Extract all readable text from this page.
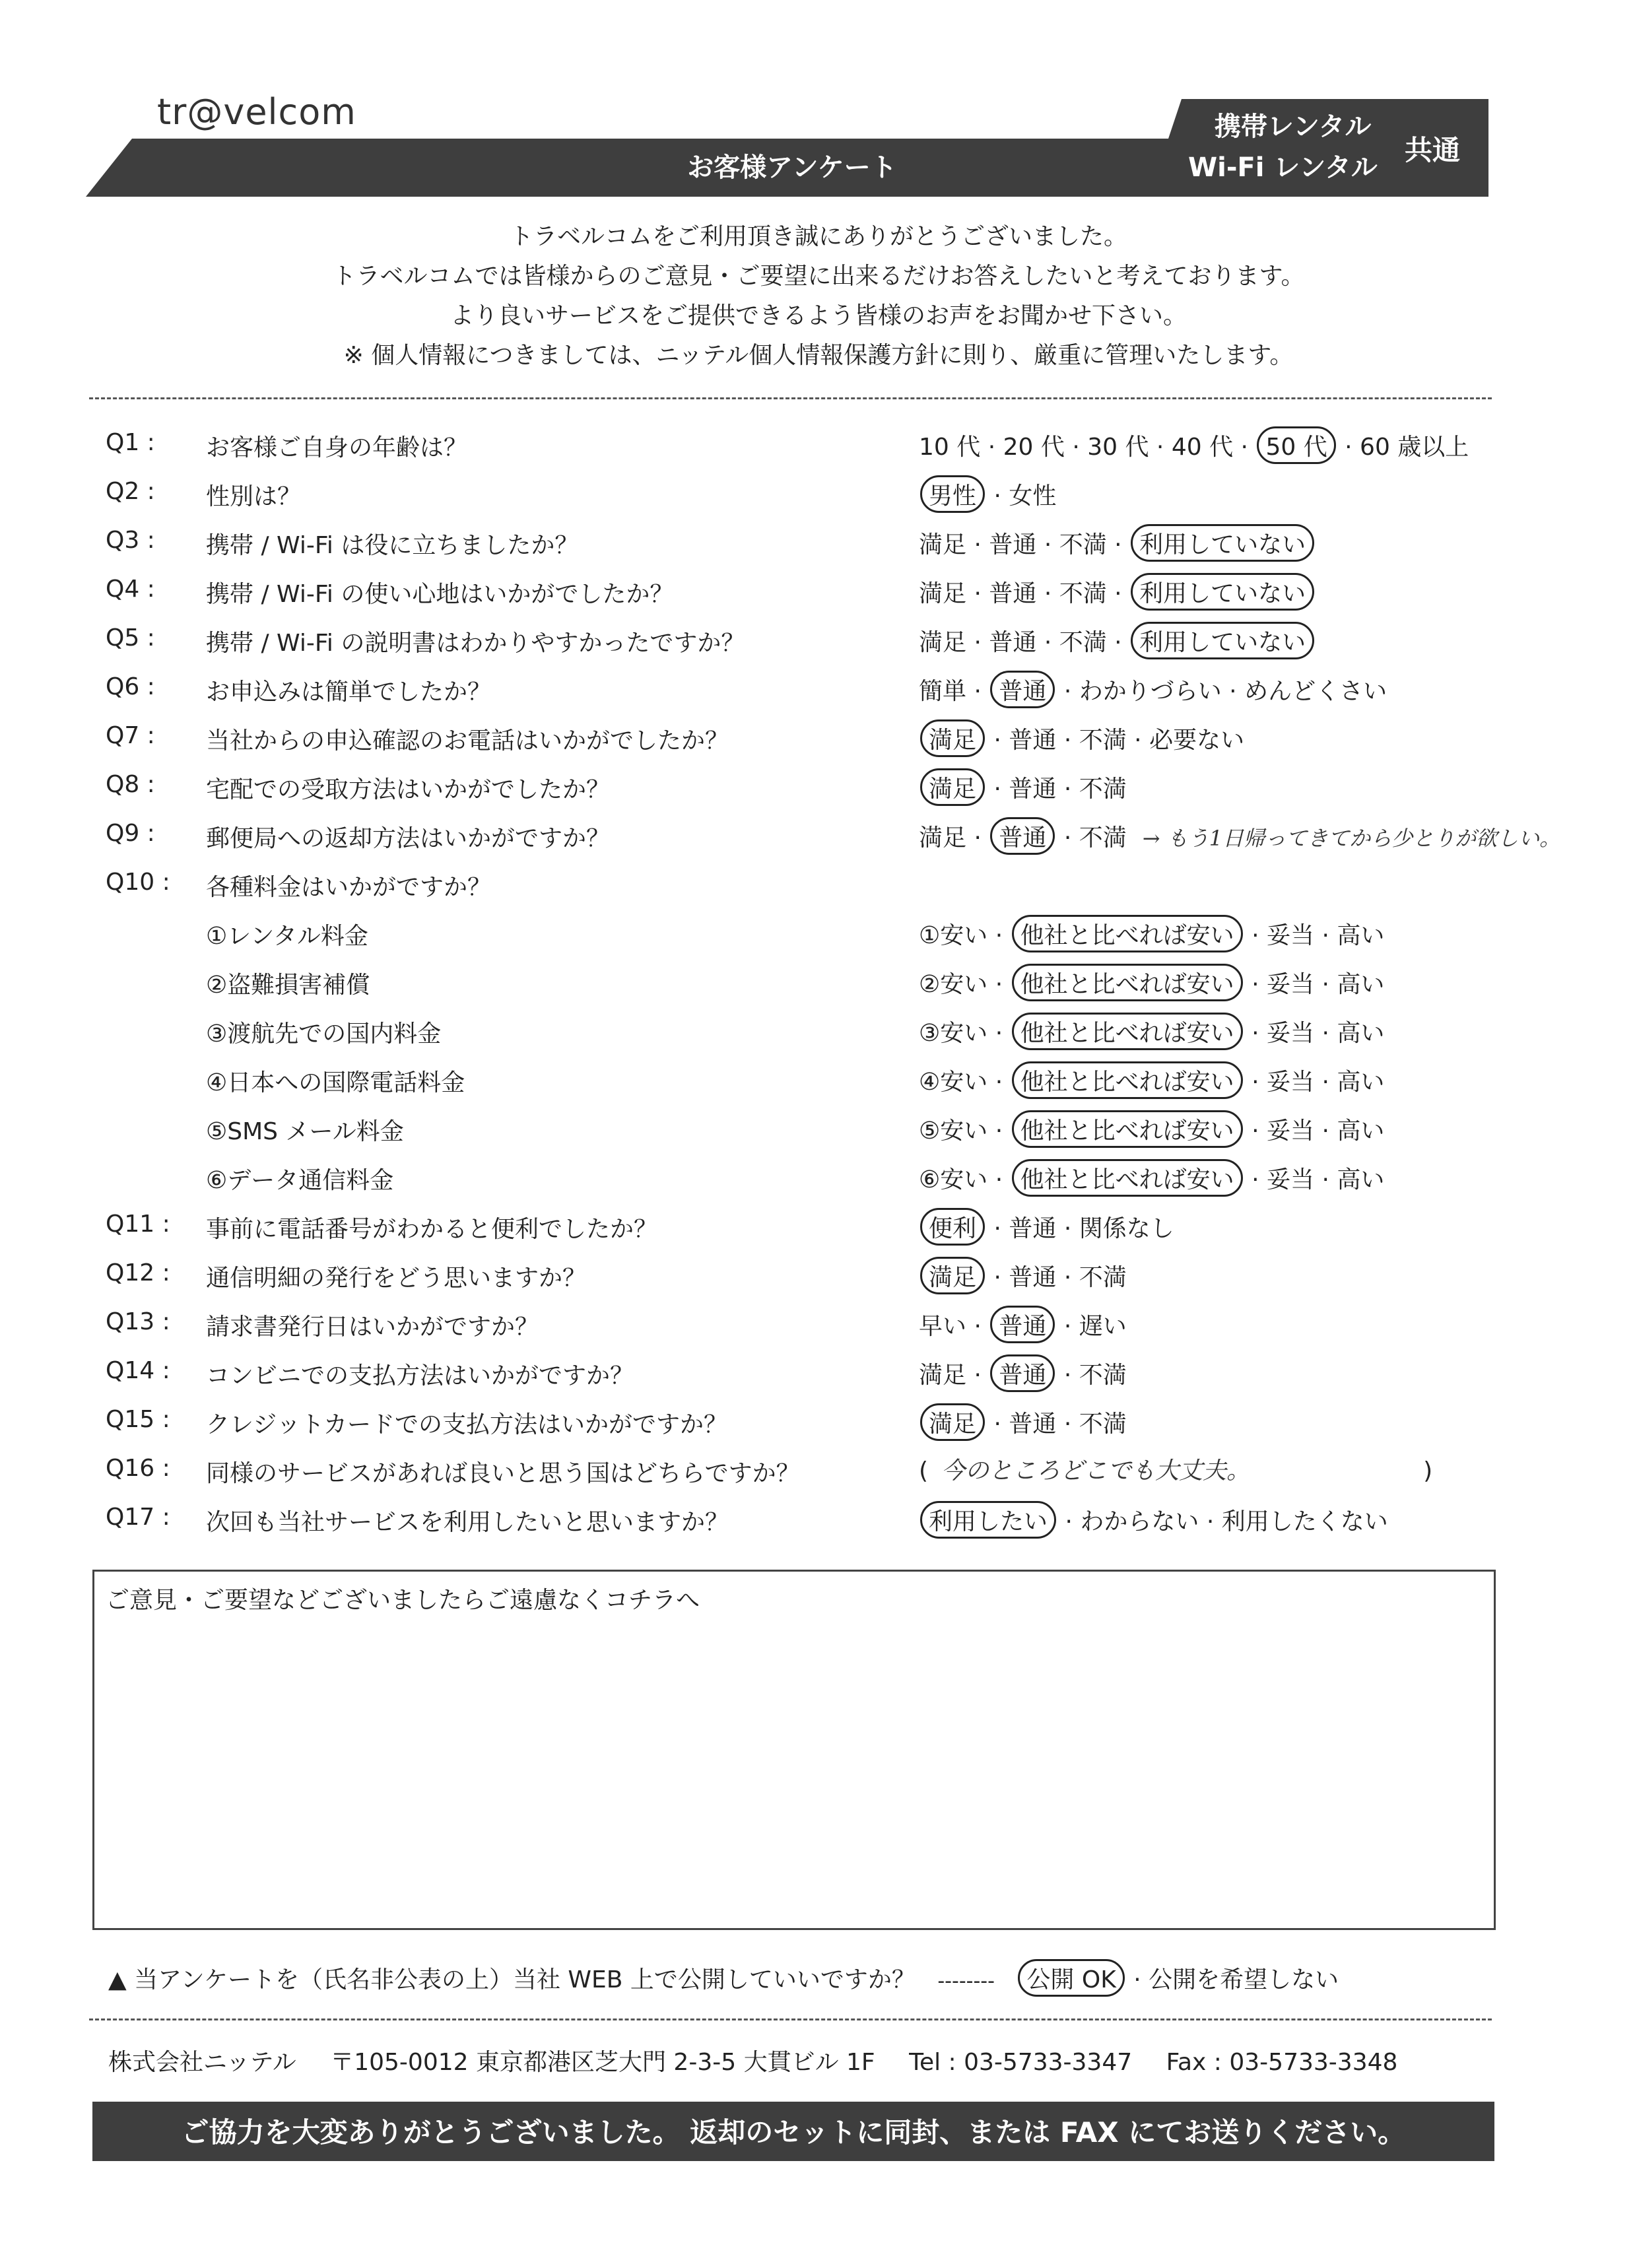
tr@velcom
お客様アンケート
携帯レンタル
Wi-Fi レンタル
共通
トラベルコムをご利用頂き誠にありがとうございました。
トラベルコムでは皆様からのご意見・ご要望に出来るだけお答えしたいと考えております。
より良いサービスをご提供できるよう皆様のお声をお聞かせ下さい。
※ 個人情報につきましては、ニッテル個人情報保護方針に則り、厳重に管理いたします。
Q1 : お客様ご自身の年齢は？	10 代 · 20 代 · 30 代 · 40 代 · 50 代 · 60 歳以上
Q2 : 性別は？	男性 · 女性
Q3 : 携帯 / Wi-Fi は役に立ちましたか？	満足 · 普通 · 不満 · 利用していない
Q4 : 携帯 / Wi-Fi の使い心地はいかがでしたか？	満足 · 普通 · 不満 · 利用していない
Q5 : 携帯 / Wi-Fi の説明書はわかりやすかったですか？	満足 · 普通 · 不満 · 利用していない
Q6 : お申込みは簡単でしたか？	簡単 · 普通 · わかりづらい · めんどくさい
Q7 : 当社からの申込確認のお電話はいかがでしたか？	満足 · 普通 · 不満 · 必要ない
Q8 : 宅配での受取方法はいかがでしたか？	満足 · 普通 · 不満
Q9 : 郵便局への返却方法はいかがですか？	満足 · 普通 · 不満 → もう1日帰ってきてから少とりが欲しい。
Q10 : 各種料金はいかがですか？
①レンタル料金	①安い · 他社と比べれば安い · 妥当 · 高い
②盗難損害補償	②安い · 他社と比べれば安い · 妥当 · 高い
③渡航先での国内料金	③安い · 他社と比べれば安い · 妥当 · 高い
④日本への国際電話料金	④安い · 他社と比べれば安い · 妥当 · 高い
⑤SMS メール料金	⑤安い · 他社と比べれば安い · 妥当 · 高い
⑥データ通信料金	⑥安い · 他社と比べれば安い · 妥当 · 高い
Q11 : 事前に電話番号がわかると便利でしたか？	便利 · 普通 · 関係なし
Q12 : 通信明細の発行をどう思いますか？	満足 · 普通 · 不満
Q13 : 請求書発行日はいかがですか？	早い · 普通 · 遅い
Q14 : コンビニでの支払方法はいかがですか？	満足 · 普通 · 不満
Q15 : クレジットカードでの支払方法はいかがですか？	満足 · 普通 · 不満
Q16 : 同様のサービスがあれば良いと思う国はどちらですか？	( 今のところどこでも大丈夫。	)
Q17 : 次回も当社サービスを利用したいと思いますか？	利用したい · わからない · 利用したくない
ご意見・ご要望などございましたらご遠慮なくコチラへ
▲ 当アンケートを（氏名非公表の上）当社 WEB 上で公開していいですか？ -------- 公開 OK · 公開を希望しない
株式会社ニッテル 〒105-0012 東京都港区芝大門 2-3-5 大貫ビル 1F Tel : 03-5733-3347 Fax : 03-5733-3348
ご協力を大変ありがとうございました。 返却のセットに同封、または FAX にてお送りください。
